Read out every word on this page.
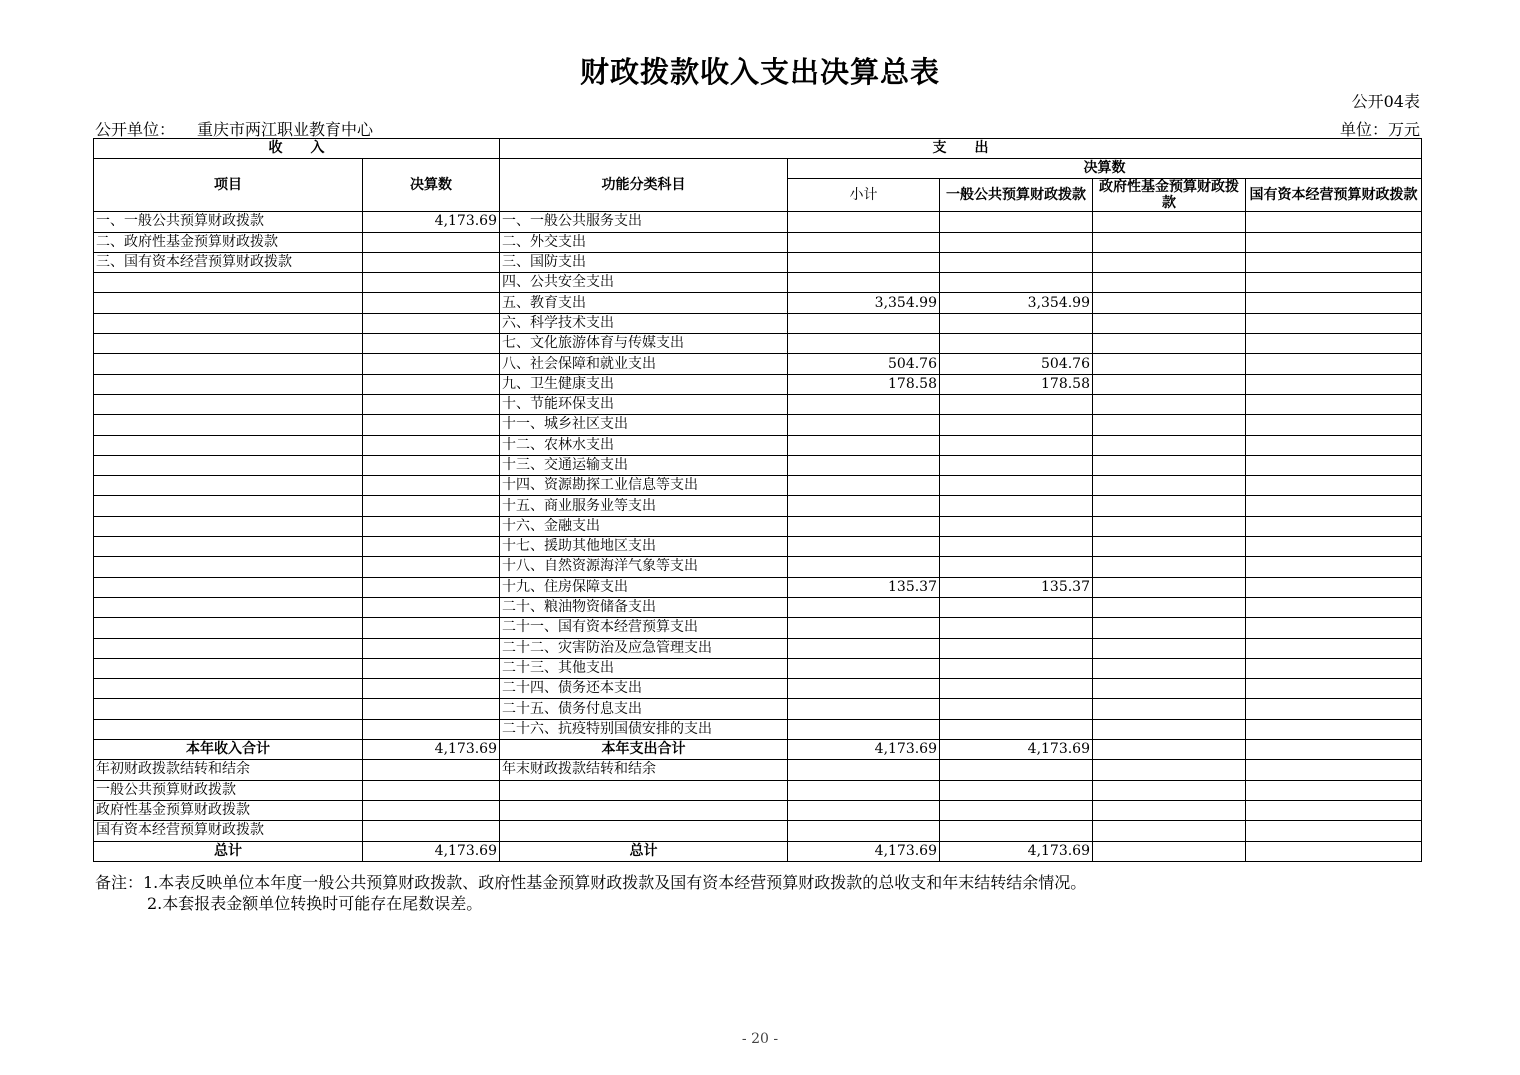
财政拨款收入支出决算总表
公开04表
公开单位： 重庆市两江职业教育中心	单位：万元
收　　入		支　　出				
项目	决算数	功能分类科目	决算数			
			小计	一般公共预算财政拨款	政府性基金预算财政拨款	国有资本经营预算财政拨款

一、一般公共预算财政拨款	4,173.69	一、一般公共服务支出				
二、政府性基金预算财政拨款		二、外交支出				
三、国有资本经营预算财政拨款		三、国防支出				
		四、公共安全支出				
		五、教育支出	3,354.99	3,354.99		
		六、科学技术支出				
		七、文化旅游体育与传媒支出				
		八、社会保障和就业支出	504.76	504.76		
		九、卫生健康支出	178.58	178.58		
		十、节能环保支出				
		十一、城乡社区支出				
		十二、农林水支出				
		十三、交通运输支出				
		十四、资源勘探工业信息等支出				
		十五、商业服务业等支出				
		十六、金融支出				
		十七、援助其他地区支出				
		十八、自然资源海洋气象等支出				
		十九、住房保障支出	135.37	135.37		
		二十、粮油物资储备支出				
		二十一、国有资本经营预算支出				
		二十二、灾害防治及应急管理支出				
		二十三、其他支出				
		二十四、债务还本支出				
		二十五、债务付息支出				
		二十六、抗疫特别国债安排的支出				
本年收入合计	4,173.69	本年支出合计	4,173.69	4,173.69		
年初财政拨款结转和结余		年末财政拨款结转和结余				
一般公共预算财政拨款						
政府性基金预算财政拨款						
国有资本经营预算财政拨款						
总计	4,173.69	总计	4,173.69	4,173.69		
备注：1.本表反映单位本年度一般公共预算财政拨款、政府性基金预算财政拨款及国有资本经营预算财政拨款的总收支和年末结转结余情况。
2.本套报表金额单位转换时可能存在尾数误差。
- 20 -
